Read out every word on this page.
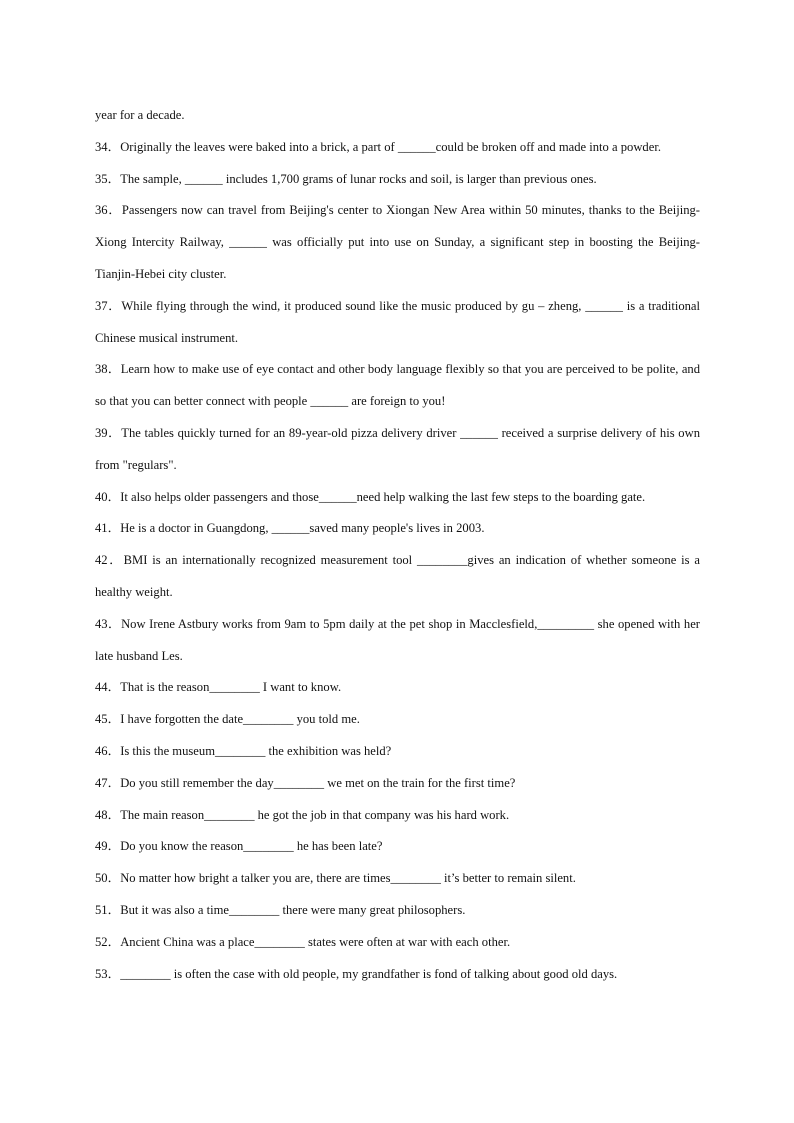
year for a decade.

34．Originally the leaves were baked into a brick, a part of ______could be broken off and made into a powder.

35．The sample, ______ includes 1,700 grams of lunar rocks and soil, is larger than previous ones.

36．Passengers now can travel from Beijing's center to Xiongan New Area within 50 minutes, thanks to the Beijing-Xiong Intercity Railway, ______ was officially put into use on Sunday, a significant step in boosting the Beijing-Tianjin-Hebei city cluster.

37．While flying through the wind, it produced sound like the music produced by gu – zheng, ______ is a traditional Chinese musical instrument.

38．Learn how to make use of eye contact and other body language flexibly so that you are perceived to be polite, and so that you can better connect with people ______ are foreign to you!

39．The tables quickly turned for an 89-year-old pizza delivery driver ______ received a surprise delivery of his own from "regulars".

40．It also helps older passengers and those______need help walking the last few steps to the boarding gate.

41．He is a doctor in Guangdong, ______saved many people's lives in 2003.

42．BMI is an internationally recognized measurement tool ________gives an indication of whether someone is a healthy weight.

43．Now Irene Astbury works from 9am to 5pm daily at the pet shop in Macclesfield,_________ she opened with her late husband Les.

44．That is the reason________ I want to know.

45．I have forgotten the date________ you told me.

46．Is this the museum________ the exhibition was held?

47．Do you still remember the day________ we met on the train for the first time?

48．The main reason________ he got the job in that company was his hard work.

49．Do you know the reason________ he has been late?

50．No matter how bright a talker you are, there are times________ it’s better to remain silent.

51．But it was also a time________ there were many great philosophers.

52．Ancient China was a place________ states were often at war with each other.

53．________ is often the case with old people, my grandfather is fond of talking about good old days.
